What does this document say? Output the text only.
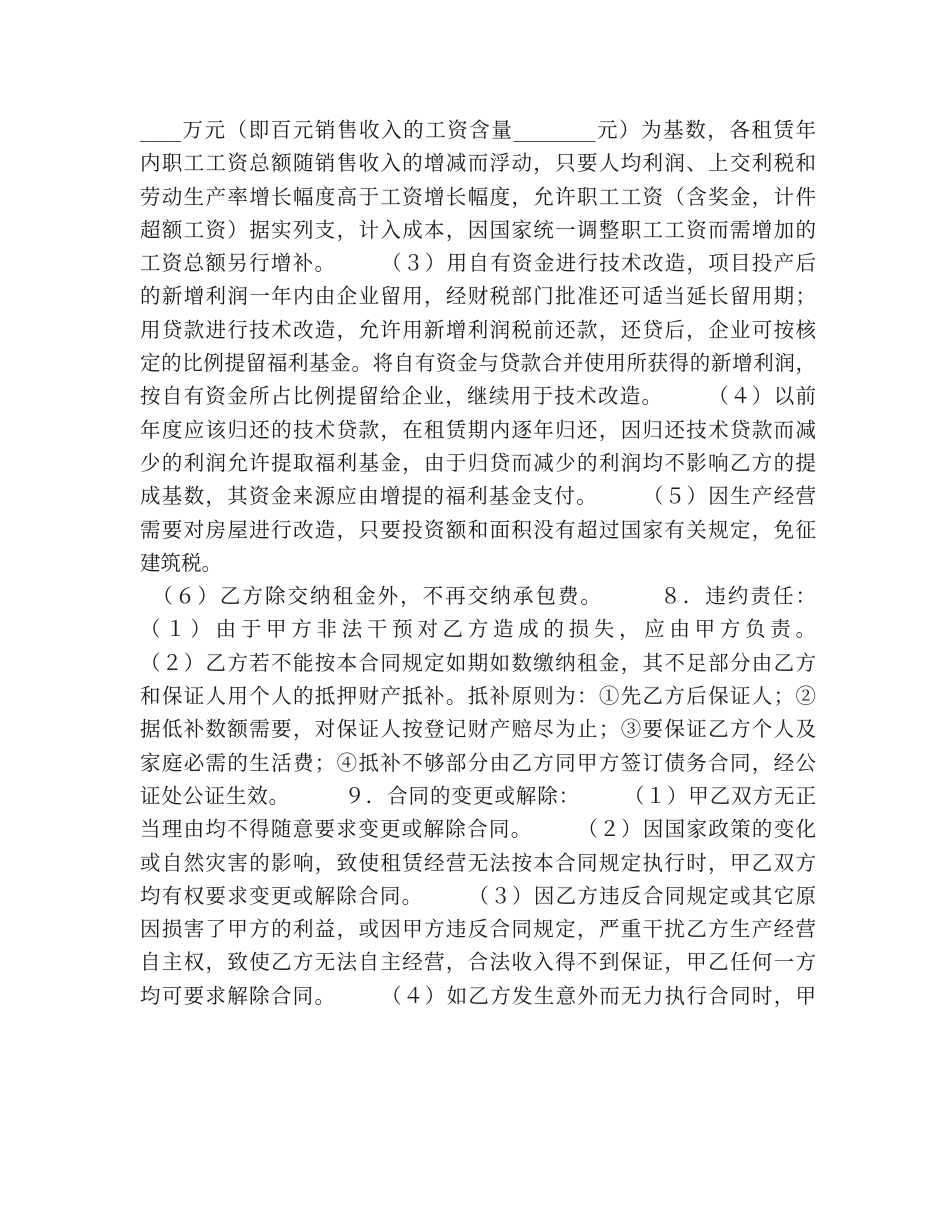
____万元（即百元销售收入的工资含量________元）为基数，各租赁年
内职工工资总额随销售收入的增减而浮动，只要人均利润、上交利税和
劳动生产率增长幅度高于工资增长幅度，允许职工工资（含奖金，计件
超额工资）据实列支，计入成本，因国家统一调整职工工资而需增加的
工资总额另行增补。　　　（３）用自有资金进行技术改造，项目投产后
的新增利润一年内由企业留用，经财税部门批准还可适当延长留用期；
用贷款进行技术改造，允许用新增利润税前还款，还贷后，企业可按核
定的比例提留福利基金。将自有资金与贷款合并使用所获得的新增利润，
按自有资金所占比例提留给企业，继续用于技术改造。　　　（４）以前
年度应该归还的技术贷款，在租赁期内逐年归还，因归还技术贷款而减
少的利润允许提取福利基金，由于归贷而减少的利润均不影响乙方的提
成基数，其资金来源应由增提的福利基金支付。　　　（５）因生产经营
需要对房屋进行改造，只要投资额和面积没有超过国家有关规定，免征
建筑税。
　（６）乙方除交纳租金外，不再交纳承包费。　　　８．违约责任：
（１）由于甲方非法干预对乙方造成的损失，应由甲方负责。
（２）乙方若不能按本合同规定如期如数缴纳租金，其不足部分由乙方
和保证人用个人的抵押财产抵补。抵补原则为：①先乙方后保证人；②
据低补数额需要，对保证人按登记财产赔尽为止；③要保证乙方个人及
家庭必需的生活费；④抵补不够部分由乙方同甲方签订债务合同，经公
证处公证生效。　　　９．合同的变更或解除：　　　（１）甲乙双方无正
当理由均不得随意要求变更或解除合同。　　　（２）因国家政策的变化
或自然灾害的影响，致使租赁经营无法按本合同规定执行时，甲乙双方
均有权要求变更或解除合同。　　　（３）因乙方违反合同规定或其它原
因损害了甲方的利益，或因甲方违反合同规定，严重干扰乙方生产经营
自主权，致使乙方无法自主经营，合法收入得不到保证，甲乙任何一方
均可要求解除合同。　　　（４）如乙方发生意外而无力执行合同时，甲
